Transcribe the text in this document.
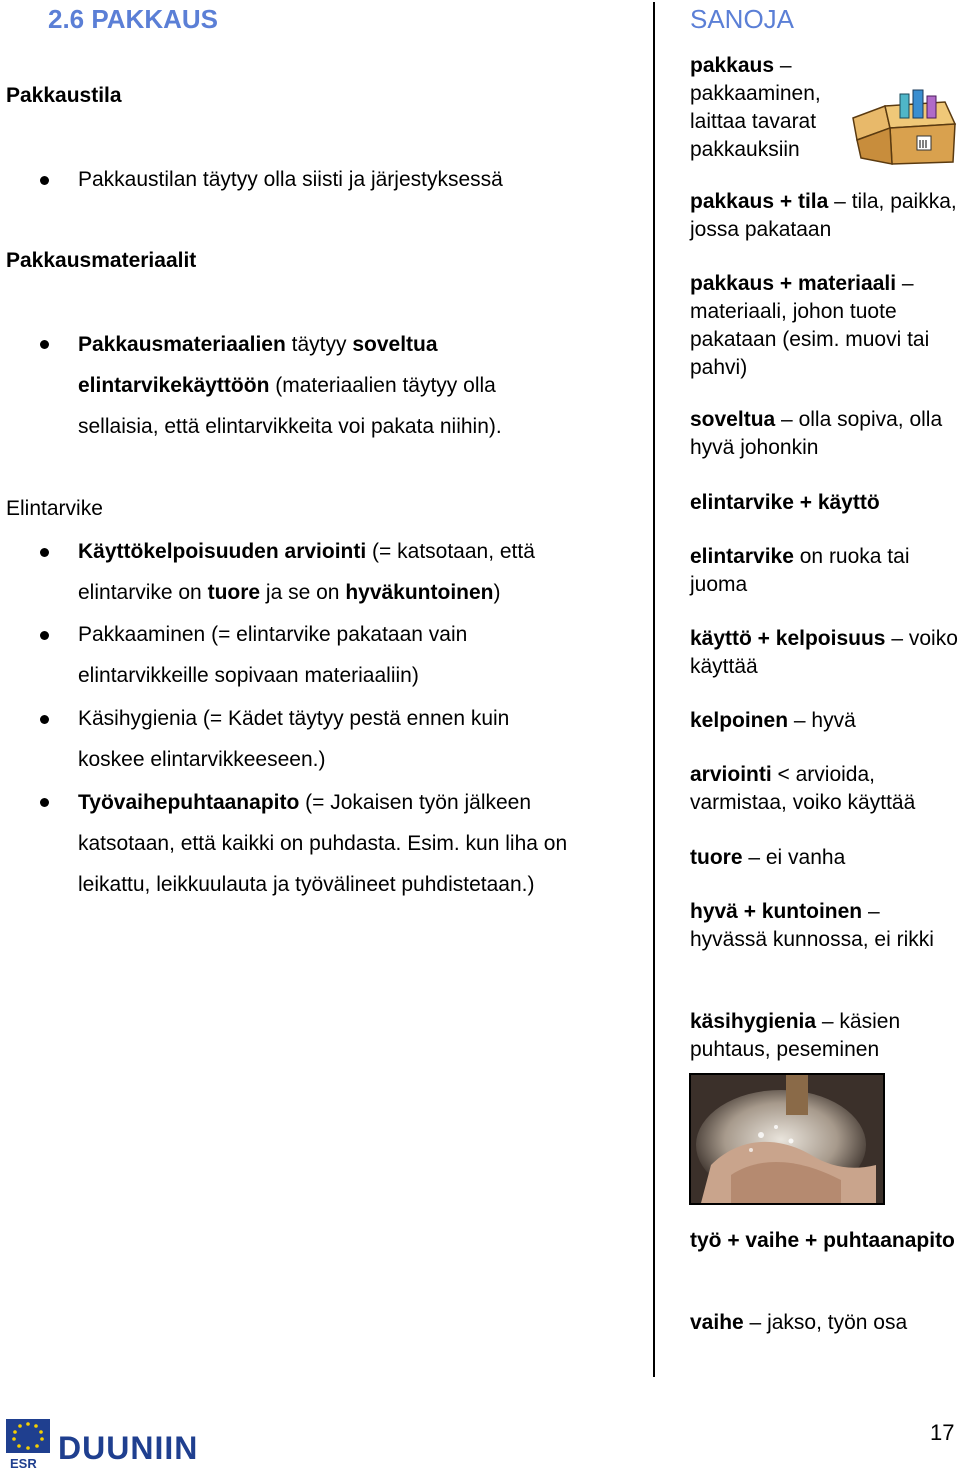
2.6 PAKKAUS
Pakkaustila
Pakkaustilan täytyy olla siisti ja järjestyksessä
Pakkausmateriaalit
Pakkausmateriaalien täytyy soveltua elintarvikekäyttöön (materiaalien täytyy olla sellaisia, että elintarvikkeita voi pakata niihin).
Elintarvike
Käyttökelpoisuuden arviointi (= katsotaan, että elintarvike on tuore ja se on hyväkuntoinen)
Pakkaaminen (= elintarvike pakataan vain elintarvikkeille sopivaan materiaaliin)
Käsihygienia (= Kädet täytyy pestä ennen kuin koskee elintarvikkeeseen.)
Työvaihepuhtaanapito (= Jokaisen työn jälkeen katsotaan, että kaikki on puhdasta. Esim. kun liha on leikattu, leikkuulauta ja työvälineet puhdistetaan.)
SANOJA
pakkaus – pakkaaminen, laittaa tavarat pakkauksiin
pakkaus + tila – tila, paikka, jossa pakataan
pakkaus + materiaali – materiaali, johon tuote pakataan (esim. muovi tai pahvi)
soveltua – olla sopiva, olla hyvä johonkin
elintarvike + käyttö
elintarvike on ruoka tai juoma
käyttö + kelpoisuus – voiko käyttää
kelpoinen – hyvä
arviointi < arvioida, varmistaa, voiko käyttää
tuore – ei vanha
hyvä + kuntoinen – hyvässä kunnossa, ei rikki
käsihygienia – käsien puhtaus, peseminen
työ + vaihe + puhtaanapito
vaihe – jakso, työn osa
ESR DUUNIIN	17
